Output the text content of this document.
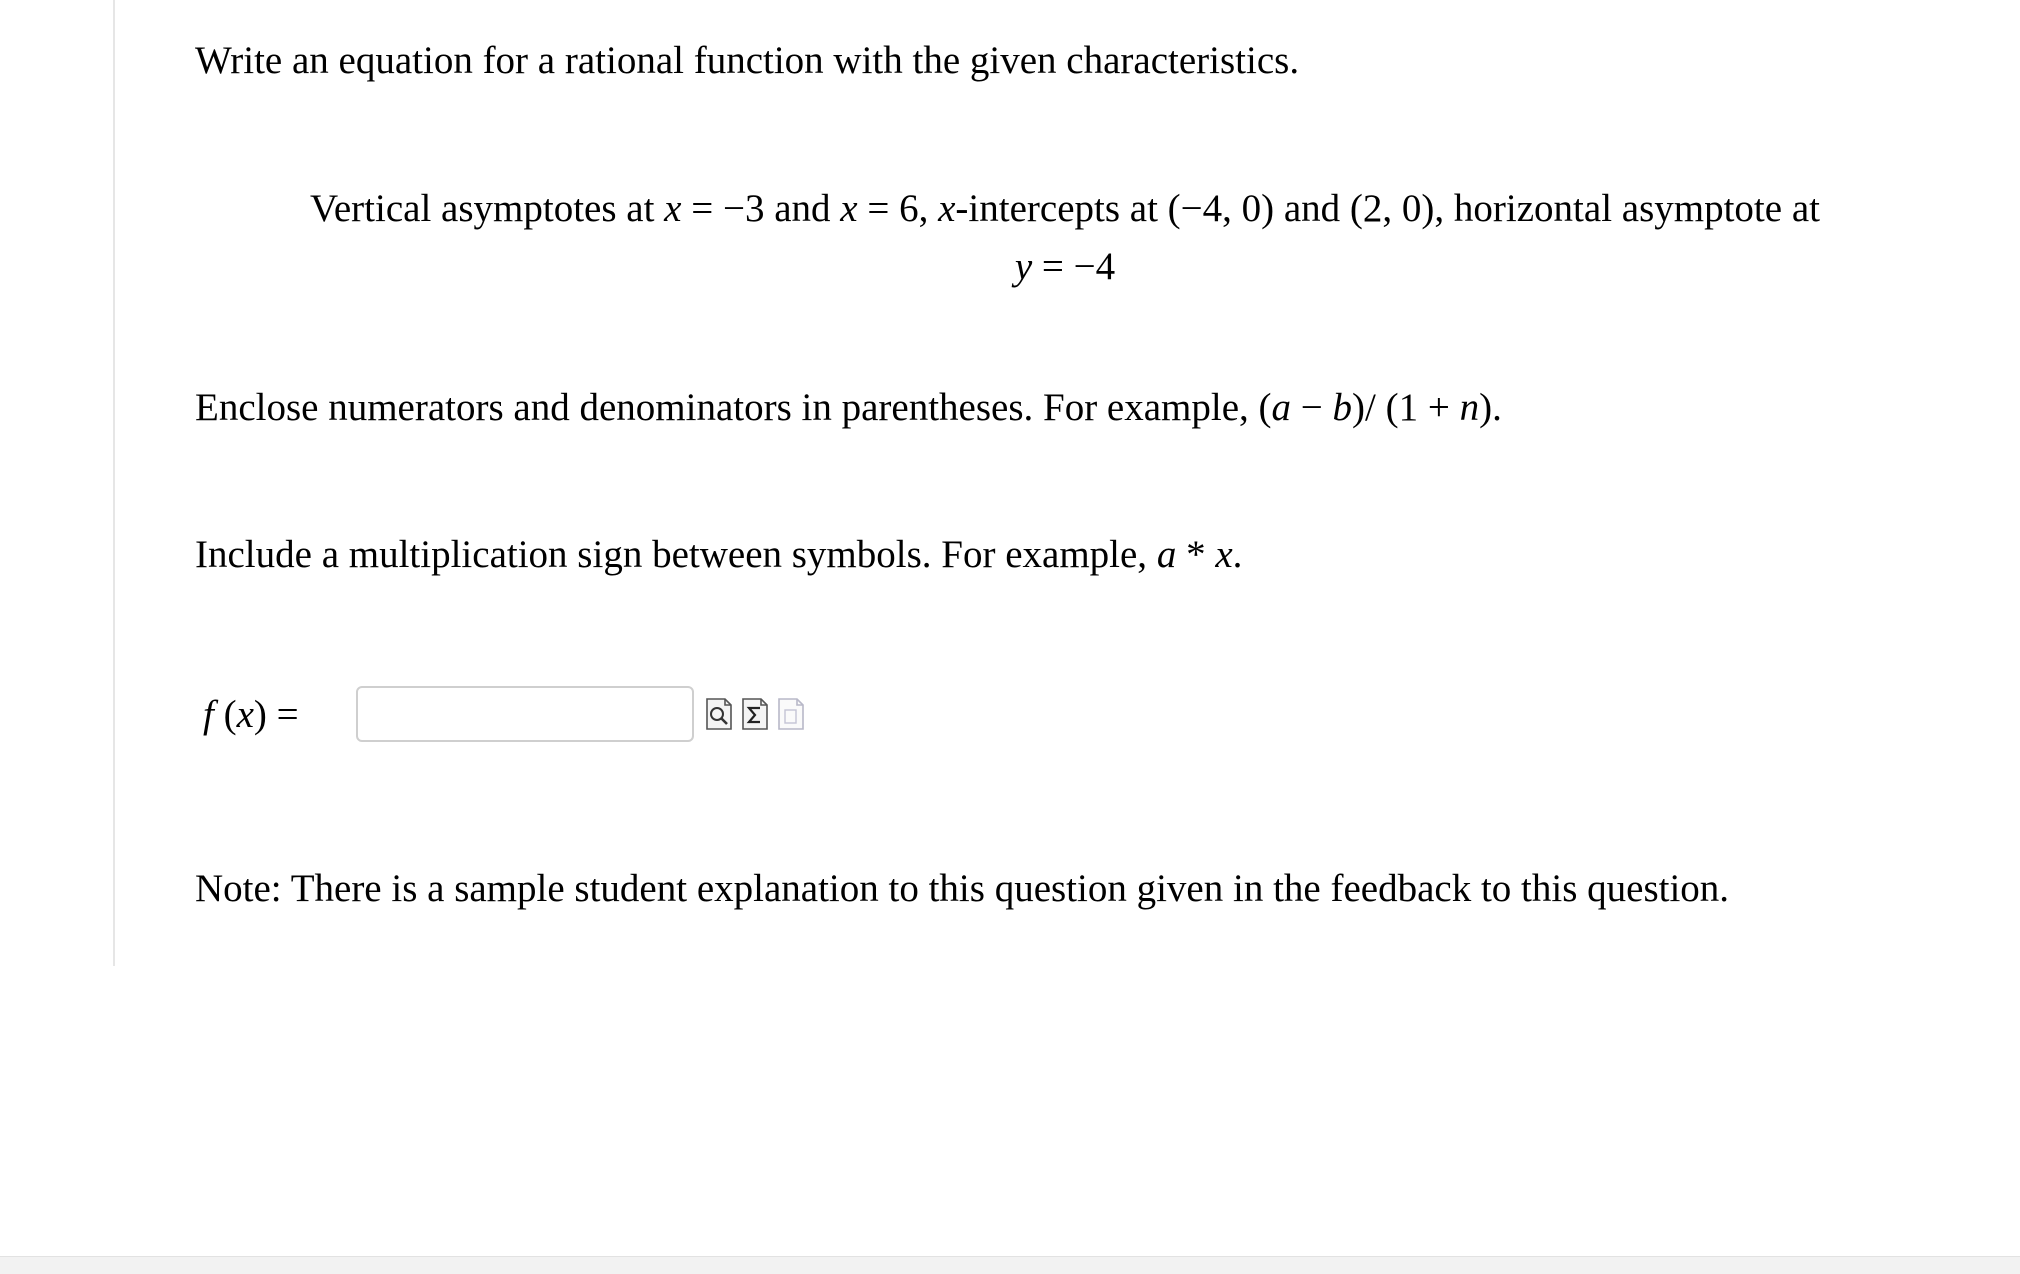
Write an equation for a rational function with the given characteristics.
Vertical asymptotes at x = −3 and x = 6, x-intercepts at (−4, 0) and (2, 0), horizontal asymptote at
y = −4
Enclose numerators and denominators in parentheses. For example, (a − b)/ (1 + n).
Include a multiplication sign between symbols. For example, a * x.
f (x) =
Note: There is a sample student explanation to this question given in the feedback to this question.
